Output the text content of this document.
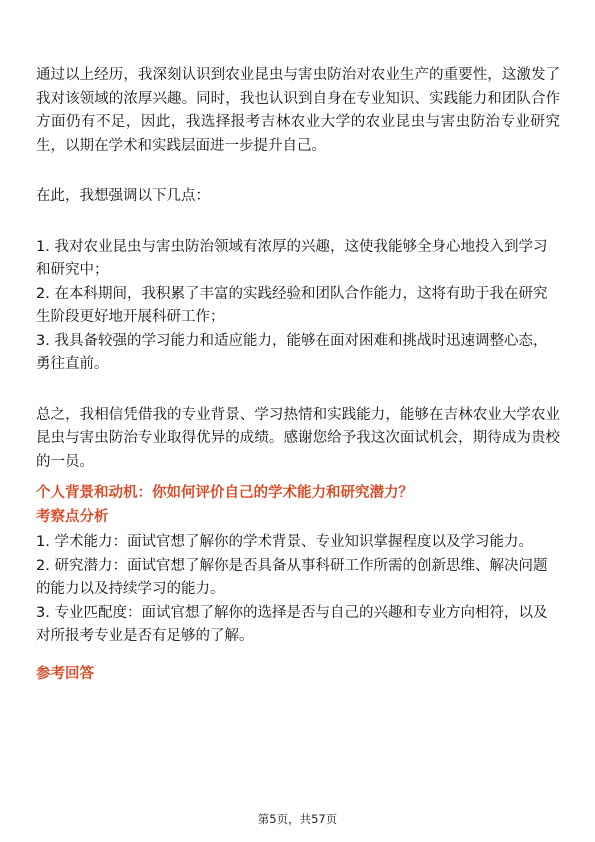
通过以上经历，我深刻认识到农业昆虫与害虫防治对农业生产的重要性，这激发了我对该领域的浓厚兴趣。同时，我也认识到自身在专业知识、实践能力和团队合作方面仍有不足，因此，我选择报考吉林农业大学的农业昆虫与害虫防治专业研究生，以期在学术和实践层面进一步提升自己。

在此，我想强调以下几点：

1. 我对农业昆虫与害虫防治领域有浓厚的兴趣，这使我能够全身心地投入到学习和研究中；

2. 在本科期间，我积累了丰富的实践经验和团队合作能力，这将有助于我在研究生阶段更好地开展科研工作；

3. 我具备较强的学习能力和适应能力，能够在面对困难和挑战时迅速调整心态，勇往直前。

总之，我相信凭借我的专业背景、学习热情和实践能力，能够在吉林农业大学农业昆虫与害虫防治专业取得优异的成绩。感谢您给予我这次面试机会，期待成为贵校的一员。

个人背景和动机：你如何评价自己的学术能力和研究潜力？

考察点分析

1. 学术能力：面试官想了解你的学术背景、专业知识掌握程度以及学习能力。

2. 研究潜力：面试官想了解你是否具备从事科研工作所需的创新思维、解决问题的能力以及持续学习的能力。

3. 专业匹配度：面试官想了解你的选择是否与自己的兴趣和专业方向相符，以及对所报考专业是否有足够的了解。

参考回答

第5页，共57页
